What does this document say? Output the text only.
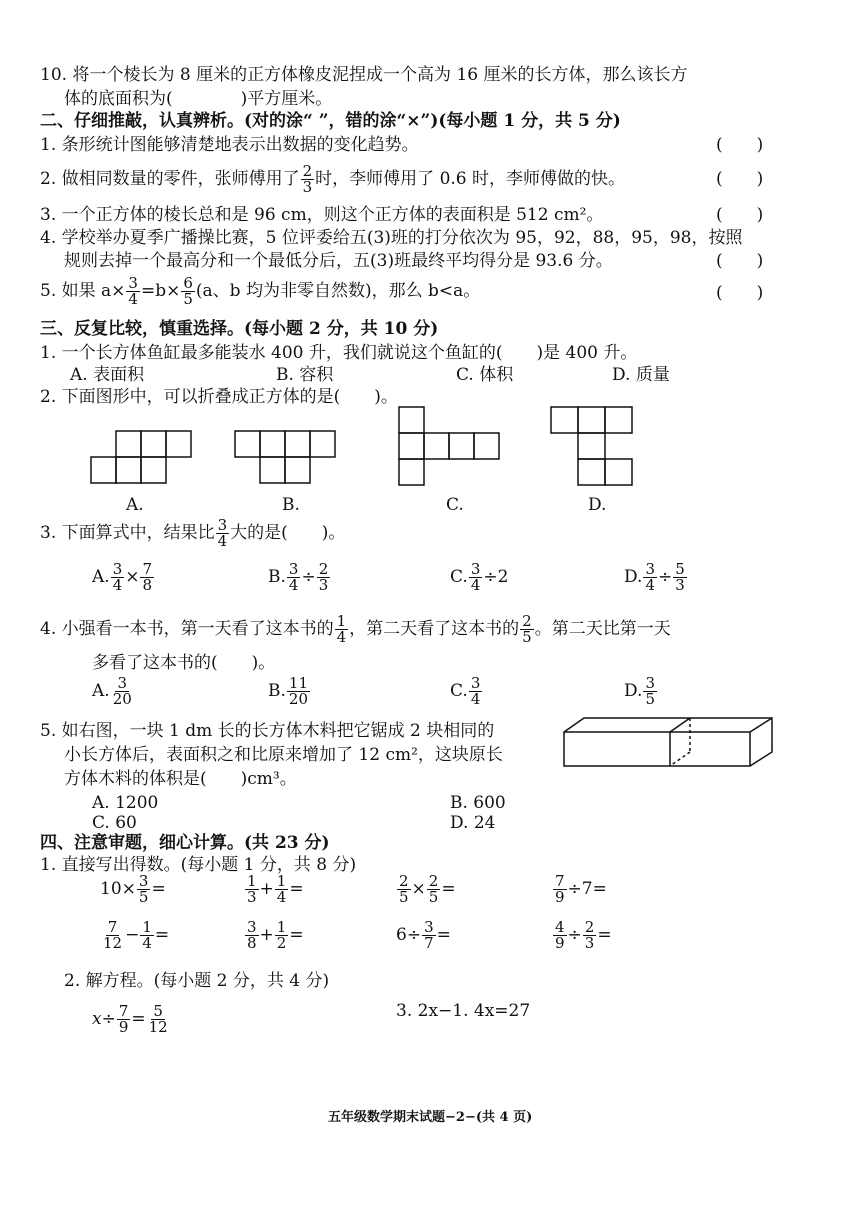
10. 将一个棱长为 8 厘米的正方体橡皮泥捏成一个高为 16 厘米的长方体，那么该长方
体的底面积为(　　　　)平方厘米。
二、仔细推敲，认真辨析。(对的涂“ ”，错的涂“×”)(每小题 1 分，共 5 分)
1. 条形统计图能够清楚地表示出数据的变化趋势。	(　　)
2. 做相同数量的零件，张师傅用了 $\frac{2}{3}$ 时，李师傅用了 0.6 时，李师傅做的快。	(　　)
3. 一个正方体的棱长总和是 96 cm，则这个正方体的表面积是 512 cm²。	(　　)
4. 学校举办夏季广播操比赛，5 位评委给五(3)班的打分依次为 95，92，88，95，98，按照
规则去掉一个最高分和一个最低分后，五(3)班最终平均得分是 93.6 分。	(　　)
5. 如果 $a\times \frac{3}{4} =b\times \frac{6}{5} (a$、b 均为非零自然数)，那么 b<a。	(　　)
三、反复比较，慎重选择。(每小题 2 分，共 10 分)
1. 一个长方体鱼缸最多能装水 400 升，我们就说这个鱼缸的(　　)是 400 升。
A. 表面积	B. 容积	C. 体积	D. 质量
2. 下面图形中，可以折叠成正方体的是(　　)。
A.	B.	C.	D.
3. 下面算式中，结果比 $\frac{3}{4}$ 大的是(　　)。
A. $\frac{3}{4} \times \frac{7}{8}$	B. $\frac{3}{4} \div \frac{2}{3}$	C. $\frac{3}{4} \div 2$	D. $\frac{3}{4} \div \frac{5}{3}$
4. 小强看一本书，第一天看了这本书的 $\frac{1}{4}$ ，第二天看了这本书的 $\frac{2}{5}$ 。第二天比第一天
多看了这本书的(　　)。
A. $\frac{3}{20}$	B. $\frac{11}{20}$	C. $\frac{3}{4}$	D. $\frac{3}{5}$
5. 如右图，一块 1 dm 长的长方体木料把它锯成 2 块相同的
小长方体后，表面积之和比原来增加了 12 cm²，这块原长
方体木料的体积是(　　)cm³。
A. 1200	B. 600
C. 60	D. 24
四、注意审题，细心计算。(共 23 分)
1. 直接写出得数。(每小题 1 分，共 8 分)
$10\times \frac{3}{5}$ =	$\frac{1}{3} + \frac{1}{4}$ =	$\frac{2}{5} \times \frac{2}{5}$ =	$\frac{7}{9} \div 7=$
$\frac{7}{12} - \frac{1}{4}$ =	$\frac{3}{8} + \frac{1}{2}$ =	$6\div \frac{3}{7}$ =	$\frac{4}{9} \div \frac{2}{3}$ =
2. 解方程。(每小题 2 分，共 4 分)
$x\div \frac{7}{9} = \frac{5}{12}$	3. 2x−1. 4x=27
五年级数学期末试题−2−(共 4 页)
